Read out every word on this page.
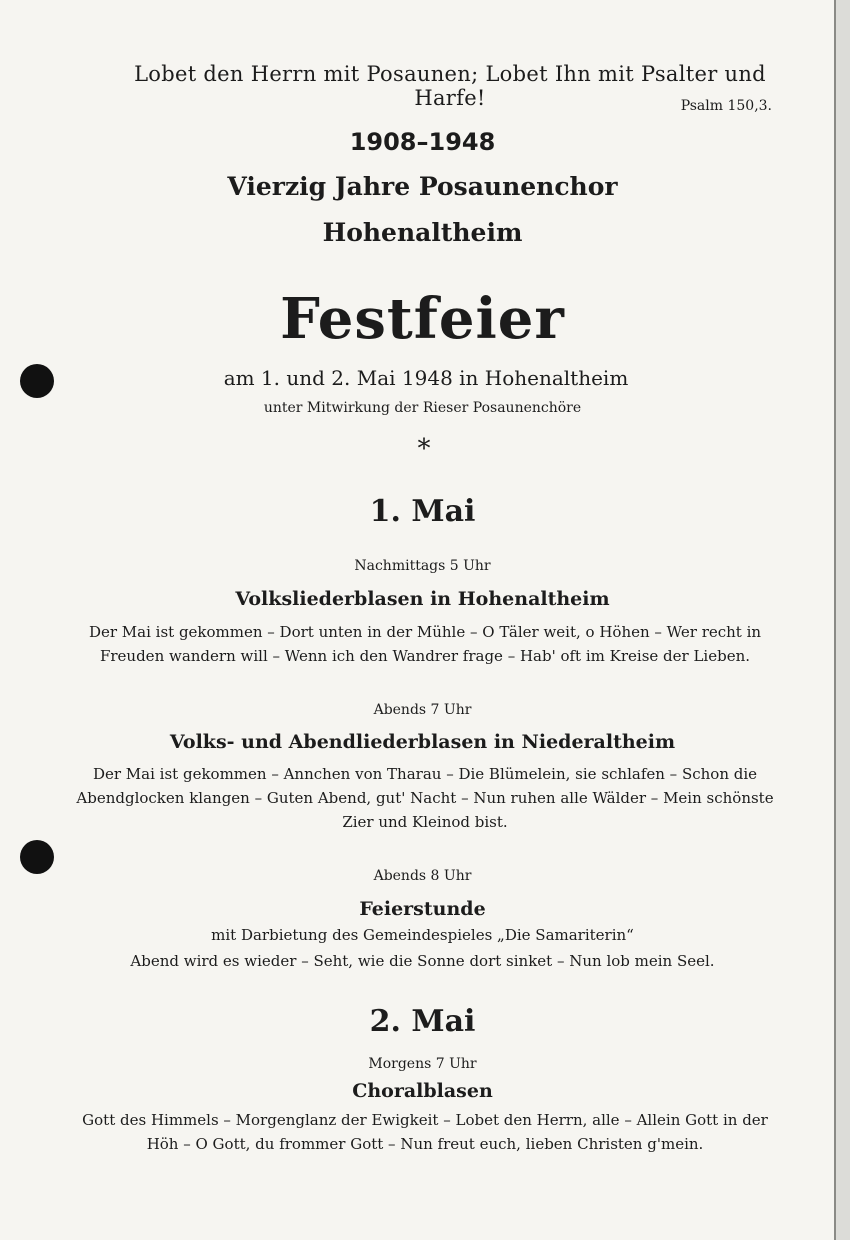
Lobet den Herrn mit Posaunen; Lobet Ihn mit Psalter und Harfe!	Psalm 150,3.
1908–1948
Vierzig Jahre Posaunenchor
Hohenaltheim
Festfeier
am 1. und 2. Mai 1948 in Hohenaltheim
unter Mitwirkung der Rieser Posaunenchöre
*
1. Mai
Nachmittags 5 Uhr
Volksliederblasen in Hohenaltheim
Der Mai ist gekommen – Dort unten in der Mühle – O Täler weit, o Höhen – Wer recht in Freuden wandern will – Wenn ich den Wandrer frage – Hab' oft im Kreise der Lieben.
Abends 7 Uhr
Volks- und Abendliederblasen in Niederaltheim
Der Mai ist gekommen – Annchen von Tharau – Die Blümelein, sie schlafen – Schon die Abendglocken klangen – Guten Abend, gut' Nacht – Nun ruhen alle Wälder – Mein schönste Zier und Kleinod bist.
Abends 8 Uhr
Feierstunde
mit Darbietung des Gemeindespieles „Die Samariterin“
Abend wird es wieder – Seht, wie die Sonne dort sinket – Nun lob mein Seel.
2. Mai
Morgens 7 Uhr
Choralblasen
Gott des Himmels – Morgenglanz der Ewigkeit – Lobet den Herrn, alle – Allein Gott in der Höh – O Gott, du frommer Gott – Nun freut euch, lieben Christen g'mein.
